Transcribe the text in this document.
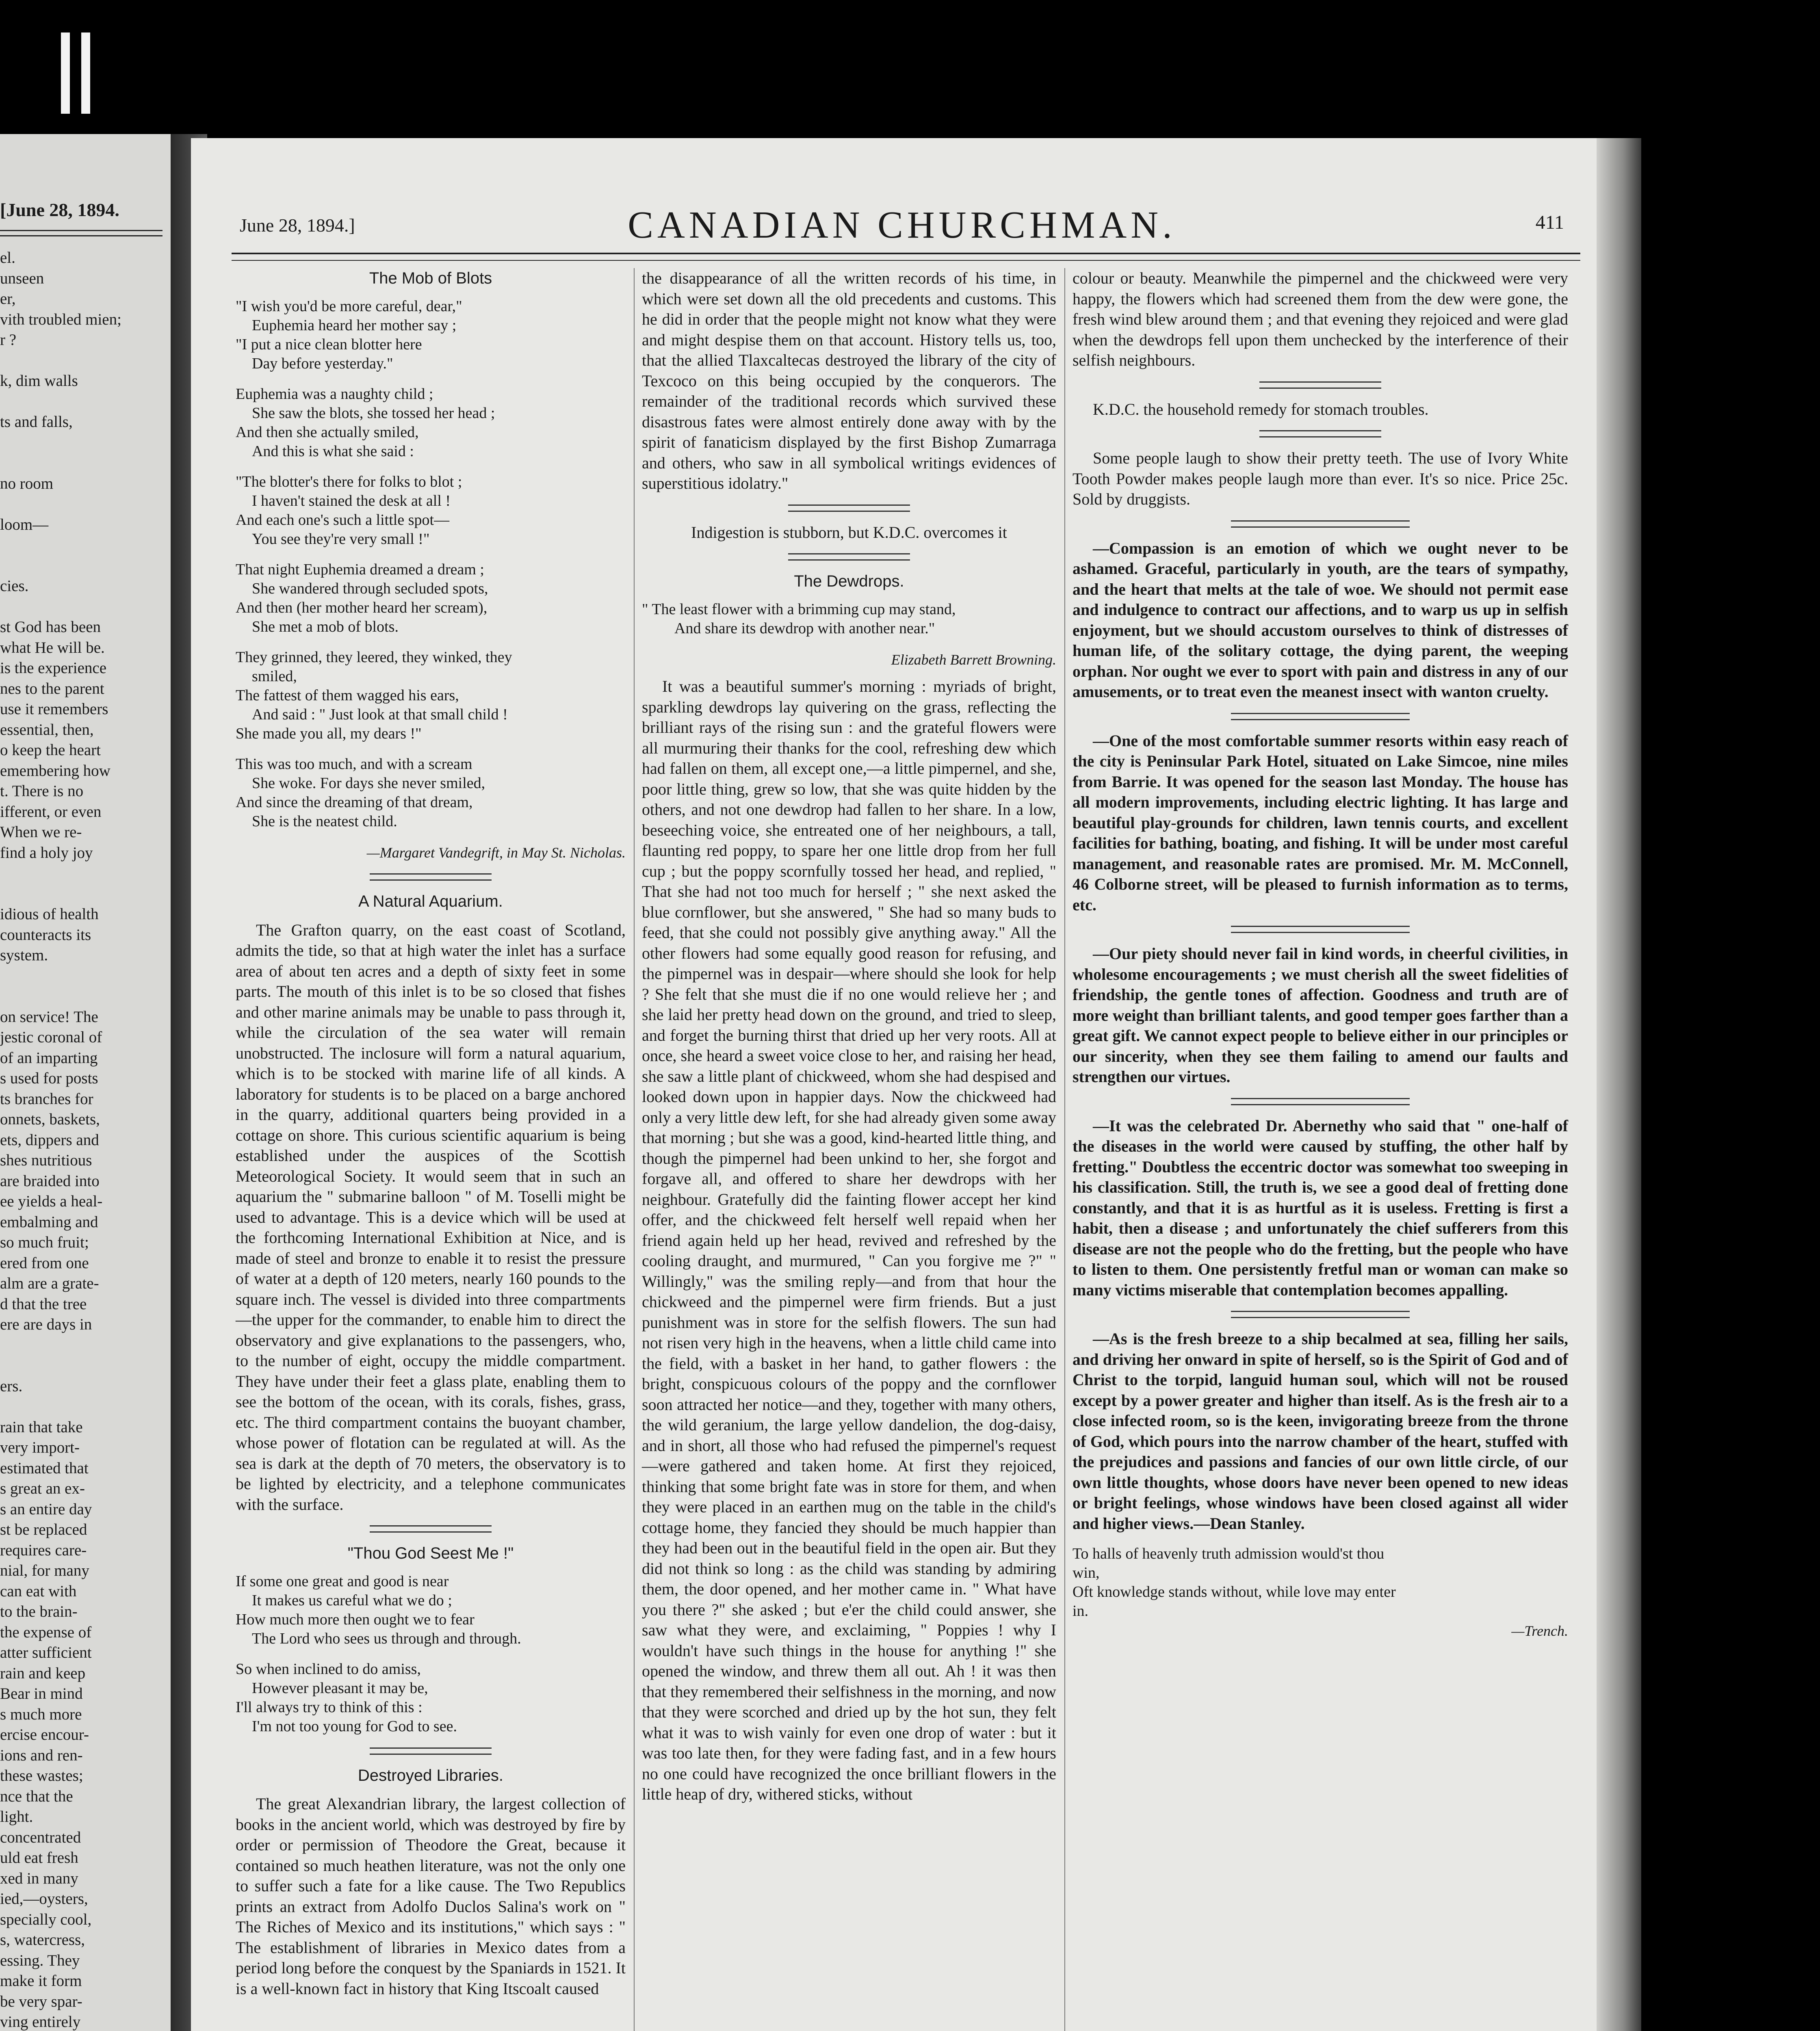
[June 28, 1894.
el.
unseen
er,
vith troubled mien;
r ?

k, dim walls

ts and falls,

no room

loom—

cies.

st God has been
what He will be.
is the experience
nes to the parent
use it remembers
essential, then,
o keep the heart
emembering how
t. There is no
ifferent, or even
When we re-
find a holy joy

idious of health
counteracts its
system.

on service! The
jestic coronal of
of an imparting
s used for posts
ts branches for
onnets, baskets,
ets, dippers and
shes nutritious
are braided into
ee yields a heal-
embalming and
so much fruit;
ered from one
alm are a grate-
d that the tree
ere are days in

ers.

rain that take
very import-
estimated that
s great an ex-
s an entire day
st be replaced
requires care-
nial, for many
can eat with
to the brain-
the expense of
atter sufficient
rain and keep
Bear in mind
s much more
ercise encour-
ions and ren-
these wastes;
nce that the
light.
concentrated
uld eat fresh
xed in many
ied,—oysters,
specially cool,
s, watercress,
essing. They
make it form
be very spar-
ving entirely
June 28, 1894.]	CANADIAN CHURCHMAN.	411
The Mob of Blots
"I wish you'd be more careful, dear,"
Euphemia heard her mother say ;
"I put a nice clean blotter here
Day before yesterday."
Euphemia was a naughty child ;
She saw the blots, she tossed her head ;
And then she actually smiled,
And this is what she said :
"The blotter's there for folks to blot ;
I haven't stained the desk at all !
And each one's such a little spot—
You see they're very small !"
That night Euphemia dreamed a dream ;
She wandered through secluded spots,
And then (her mother heard her scream),
She met a mob of blots.
They grinned, they leered, they winked, they
smiled,
The fattest of them wagged his ears,
And said : " Just look at that small child !
She made you all, my dears !"
This was too much, and with a scream
She woke. For days she never smiled,
And since the dreaming of that dream,
She is the neatest child.
—Margaret Vandegrift, in May St. Nicholas.
A Natural Aquarium.

The Grafton quarry, on the east coast of Scotland, admits the tide, so that at high water the inlet has a surface area of about ten acres and a depth of sixty feet in some parts. The mouth of this inlet is to be so closed that fishes and other marine animals may be unable to pass through it, while the circulation of the sea water will remain unobstructed. The inclosure will form a natural aquarium, which is to be stocked with marine life of all kinds. A laboratory for students is to be placed on a barge anchored in the quarry, additional quarters being provided in a cottage on shore. This curious scientific aquarium is being established under the auspices of the Scottish Meteorological Society. It would seem that in such an aquarium the " submarine balloon " of M. Toselli might be used to advantage. This is a device which will be used at the forthcoming International Exhibition at Nice, and is made of steel and bronze to enable it to resist the pressure of water at a depth of 120 meters, nearly 160 pounds to the square inch. The vessel is divided into three compartments—the upper for the commander, to enable him to direct the observatory and give explanations to the passengers, who, to the number of eight, occupy the middle compartment. They have under their feet a glass plate, enabling them to see the bottom of the ocean, with its corals, fishes, grass, etc. The third compartment contains the buoyant chamber, whose power of flotation can be regulated at will. As the sea is dark at the depth of 70 meters, the observatory is to be lighted by electricity, and a telephone communicates with the surface.

"Thou God Seest Me !"
If some one great and good is near
It makes us careful what we do ;
How much more then ought we to fear
The Lord who sees us through and through.
So when inclined to do amiss,
However pleasant it may be,
I'll always try to think of this :
I'm not too young for God to see.
Destroyed Libraries.

The great Alexandrian library, the largest collection of books in the ancient world, which was destroyed by fire by order or permission of Theodore the Great, because it contained so much heathen literature, was not the only one to suffer such a fate for a like cause. The Two Republics prints an extract from Adolfo Duclos Salina's work on " The Riches of Mexico and its institutions," which says : " The establishment of libraries in Mexico dates from a period long before the conquest by the Spaniards in 1521. It is a well-known fact in history that King Itscoalt caused

the disappearance of all the written records of his time, in which were set down all the old precedents and customs. This he did in order that the people might not know what they were and might despise them on that account. History tells us, too, that the allied Tlaxcaltecas destroyed the library of the city of Texcoco on this being occupied by the conquerors. The remainder of the traditional records which survived these disastrous fates were almost entirely done away with by the spirit of fanaticism displayed by the first Bishop Zumarraga and others, who saw in all symbolical writings evidences of superstitious idolatry."

Indigestion is stubborn, but K.D.C. overcomes it

The Dewdrops.
" The least flower with a brimming cup may stand,
And share its dewdrop with another near."
Elizabeth Barrett Browning.

It was a beautiful summer's morning : myriads of bright, sparkling dewdrops lay quivering on the grass, reflecting the brilliant rays of the rising sun : and the grateful flowers were all murmuring their thanks for the cool, refreshing dew which had fallen on them, all except one,—a little pimpernel, and she, poor little thing, grew so low, that she was quite hidden by the others, and not one dewdrop had fallen to her share. In a low, beseeching voice, she entreated one of her neighbours, a tall, flaunting red poppy, to spare her one little drop from her full cup ; but the poppy scornfully tossed her head, and replied, " That she had not too much for herself ; " she next asked the blue cornflower, but she answered, " She had so many buds to feed, that she could not possibly give anything away." All the other flowers had some equally good reason for refusing, and the pimpernel was in despair—where should she look for help ? She felt that she must die if no one would relieve her ; and she laid her pretty head down on the ground, and tried to sleep, and forget the burning thirst that dried up her very roots. All at once, she heard a sweet voice close to her, and raising her head, she saw a little plant of chickweed, whom she had despised and looked down upon in happier days. Now the chickweed had only a very little dew left, for she had already given some away that morning ; but she was a good, kind-hearted little thing, and though the pimpernel had been unkind to her, she forgot and forgave all, and offered to share her dewdrops with her neighbour. Gratefully did the fainting flower accept her kind offer, and the chickweed felt herself well repaid when her friend again held up her head, revived and refreshed by the cooling draught, and murmured, " Can you forgive me ?" " Willingly," was the smiling reply—and from that hour the chickweed and the pimpernel were firm friends. But a just punishment was in store for the selfish flowers. The sun had not risen very high in the heavens, when a little child came into the field, with a basket in her hand, to gather flowers : the bright, conspicuous colours of the poppy and the cornflower soon attracted her notice—and they, together with many others, the wild geranium, the large yellow dandelion, the dog-daisy, and in short, all those who had refused the pimpernel's request—were gathered and taken home. At first they rejoiced, thinking that some bright fate was in store for them, and when they were placed in an earthen mug on the table in the child's cottage home, they fancied they should be much happier than they had been out in the beautiful field in the open air. But they did not think so long : as the child was standing by admiring them, the door opened, and her mother came in. " What have you there ?" she asked ; but e'er the child could answer, she saw what they were, and exclaiming, " Poppies ! why I wouldn't have such things in the house for anything !" she opened the window, and threw them all out. Ah ! it was then that they remembered their selfishness in the morning, and now that they were scorched and dried up by the hot sun, they felt what it was to wish vainly for even one drop of water : but it was too late then, for they were fading fast, and in a few hours no one could have recognized the once brilliant flowers in the little heap of dry, withered sticks, without

colour or beauty. Meanwhile the pimpernel and the chickweed were very happy, the flowers which had screened them from the dew were gone, the fresh wind blew around them ; and that evening they rejoiced and were glad when the dewdrops fell upon them unchecked by the interference of their selfish neighbours.

K.D.C. the household remedy for stomach troubles.

Some people laugh to show their pretty teeth. The use of Ivory White Tooth Powder makes people laugh more than ever. It's so nice. Price 25c. Sold by druggists.

—Compassion is an emotion of which we ought never to be ashamed. Graceful, particularly in youth, are the tears of sympathy, and the heart that melts at the tale of woe. We should not permit ease and indulgence to contract our affections, and to warp us up in selfish enjoyment, but we should accustom ourselves to think of distresses of human life, of the solitary cottage, the dying parent, the weeping orphan. Nor ought we ever to sport with pain and distress in any of our amusements, or to treat even the meanest insect with wanton cruelty.

—One of the most comfortable summer resorts within easy reach of the city is Peninsular Park Hotel, situated on Lake Simcoe, nine miles from Barrie. It was opened for the season last Monday. The house has all modern improvements, including electric lighting. It has large and beautiful play-grounds for children, lawn tennis courts, and excellent facilities for bathing, boating, and fishing. It will be under most careful management, and reasonable rates are promised. Mr. M. McConnell, 46 Colborne street, will be pleased to furnish information as to terms, etc.

—Our piety should never fail in kind words, in cheerful civilities, in wholesome encouragements ; we must cherish all the sweet fidelities of friendship, the gentle tones of affection. Goodness and truth are of more weight than brilliant talents, and good temper goes farther than a great gift. We cannot expect people to believe either in our principles or our sincerity, when they see them failing to amend our faults and strengthen our virtues.

—It was the celebrated Dr. Abernethy who said that " one-half of the diseases in the world were caused by stuffing, the other half by fretting." Doubtless the eccentric doctor was somewhat too sweeping in his classification. Still, the truth is, we see a good deal of fretting done constantly, and that it is as hurtful as it is useless. Fretting is first a habit, then a disease ; and unfortunately the chief sufferers from this disease are not the people who do the fretting, but the people who have to listen to them. One persistently fretful man or woman can make so many victims miserable that contemplation becomes appalling.

—As is the fresh breeze to a ship becalmed at sea, filling her sails, and driving her onward in spite of herself, so is the Spirit of God and of Christ to the torpid, languid human soul, which will not be roused except by a power greater and higher than itself. As is the fresh air to a close infected room, so is the keen, invigorating breeze from the throne of God, which pours into the narrow chamber of the heart, stuffed with the prejudices and passions and fancies of our own little circle, of our own little thoughts, whose doors have never been opened to new ideas or bright feelings, whose windows have been closed against all wider and higher views.—Dean Stanley.

To halls of heavenly truth admission would'st thou
win,
Oft knowledge stands without, while love may enter
in.
—Trench.
